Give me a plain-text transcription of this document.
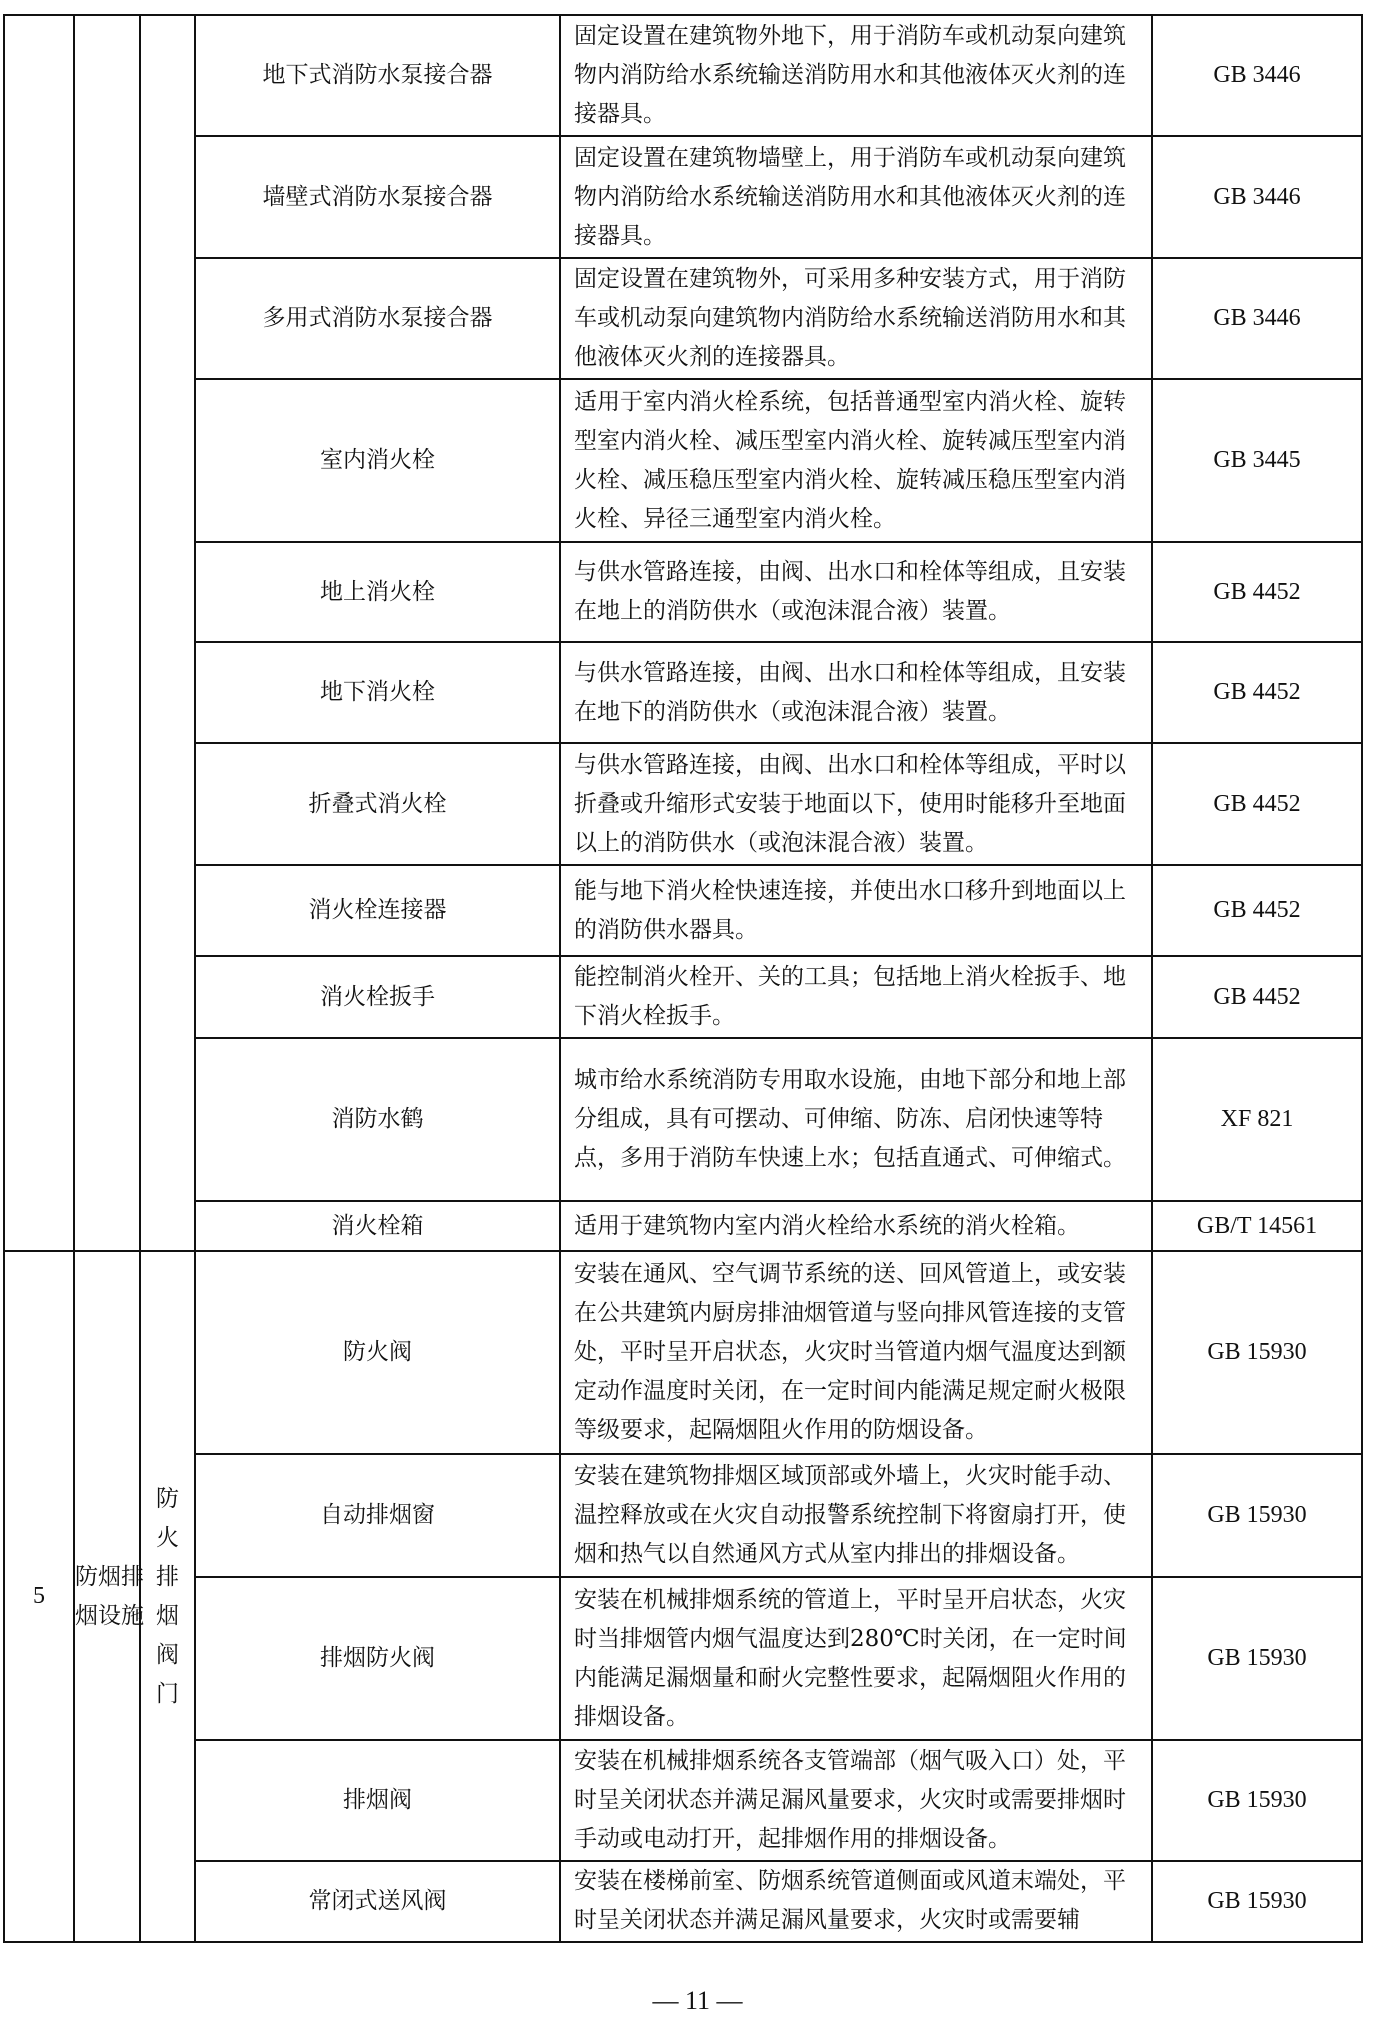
			地下式消防水泵接合器	固定设置在建筑物外地下，用于消防车或机动泵向建筑物内消防给水系统输送消防用水和其他液体灭火剂的连接器具。	GB 3446
			墙壁式消防水泵接合器	固定设置在建筑物墙壁上，用于消防车或机动泵向建筑物内消防给水系统输送消防用水和其他液体灭火剂的连接器具。	GB 3446
			多用式消防水泵接合器	固定设置在建筑物外，可采用多种安装方式，用于消防车或机动泵向建筑物内消防给水系统输送消防用水和其他液体灭火剂的连接器具。	GB 3446
			室内消火栓	适用于室内消火栓系统，包括普通型室内消火栓、旋转型室内消火栓、减压型室内消火栓、旋转减压型室内消火栓、减压稳压型室内消火栓、旋转减压稳压型室内消火栓、异径三通型室内消火栓。	GB 3445
			地上消火栓	与供水管路连接，由阀、出水口和栓体等组成，且安装在地上的消防供水（或泡沫混合液）装置。	GB 4452
			地下消火栓	与供水管路连接，由阀、出水口和栓体等组成，且安装在地下的消防供水（或泡沫混合液）装置。	GB 4452
			折叠式消火栓	与供水管路连接，由阀、出水口和栓体等组成，平时以折叠或升缩形式安装于地面以下，使用时能移升至地面以上的消防供水（或泡沫混合液）装置。	GB 4452
			消火栓连接器	能与地下消火栓快速连接，并使出水口移升到地面以上的消防供水器具。	GB 4452
			消火栓扳手	能控制消火栓开、关的工具；包括地上消火栓扳手、地下消火栓扳手。	GB 4452
			消防水鹤	城市给水系统消防专用取水设施，由地下部分和地上部分组成，具有可摆动、可伸缩、防冻、启闭快速等特点，多用于消防车快速上水；包括直通式、可伸缩式。	XF 821
			消火栓箱	适用于建筑物内室内消火栓给水系统的消火栓箱。	GB/T 14561
5	防烟排烟设施	防火排烟阀门	防火阀	安装在通风、空气调节系统的送、回风管道上，或安装在公共建筑内厨房排油烟管道与竖向排风管连接的支管处，平时呈开启状态，火灾时当管道内烟气温度达到额定动作温度时关闭，在一定时间内能满足规定耐火极限等级要求，起隔烟阻火作用的防烟设备。	GB 15930
			自动排烟窗	安装在建筑物排烟区域顶部或外墙上，火灾时能手动、温控释放或在火灾自动报警系统控制下将窗扇打开，使烟和热气以自然通风方式从室内排出的排烟设备。	GB 15930
			排烟防火阀	安装在机械排烟系统的管道上，平时呈开启状态，火灾时当排烟管内烟气温度达到280℃时关闭，在一定时间内能满足漏烟量和耐火完整性要求，起隔烟阻火作用的排烟设备。	GB 15930
			排烟阀	安装在机械排烟系统各支管端部（烟气吸入口）处，平时呈关闭状态并满足漏风量要求，火灾时或需要排烟时手动或电动打开，起排烟作用的排烟设备。	GB 15930
			常闭式送风阀	安装在楼梯前室、防烟系统管道侧面或风道末端处，平时呈关闭状态并满足漏风量要求，火灾时或需要辅	GB 15930
— 11 —
